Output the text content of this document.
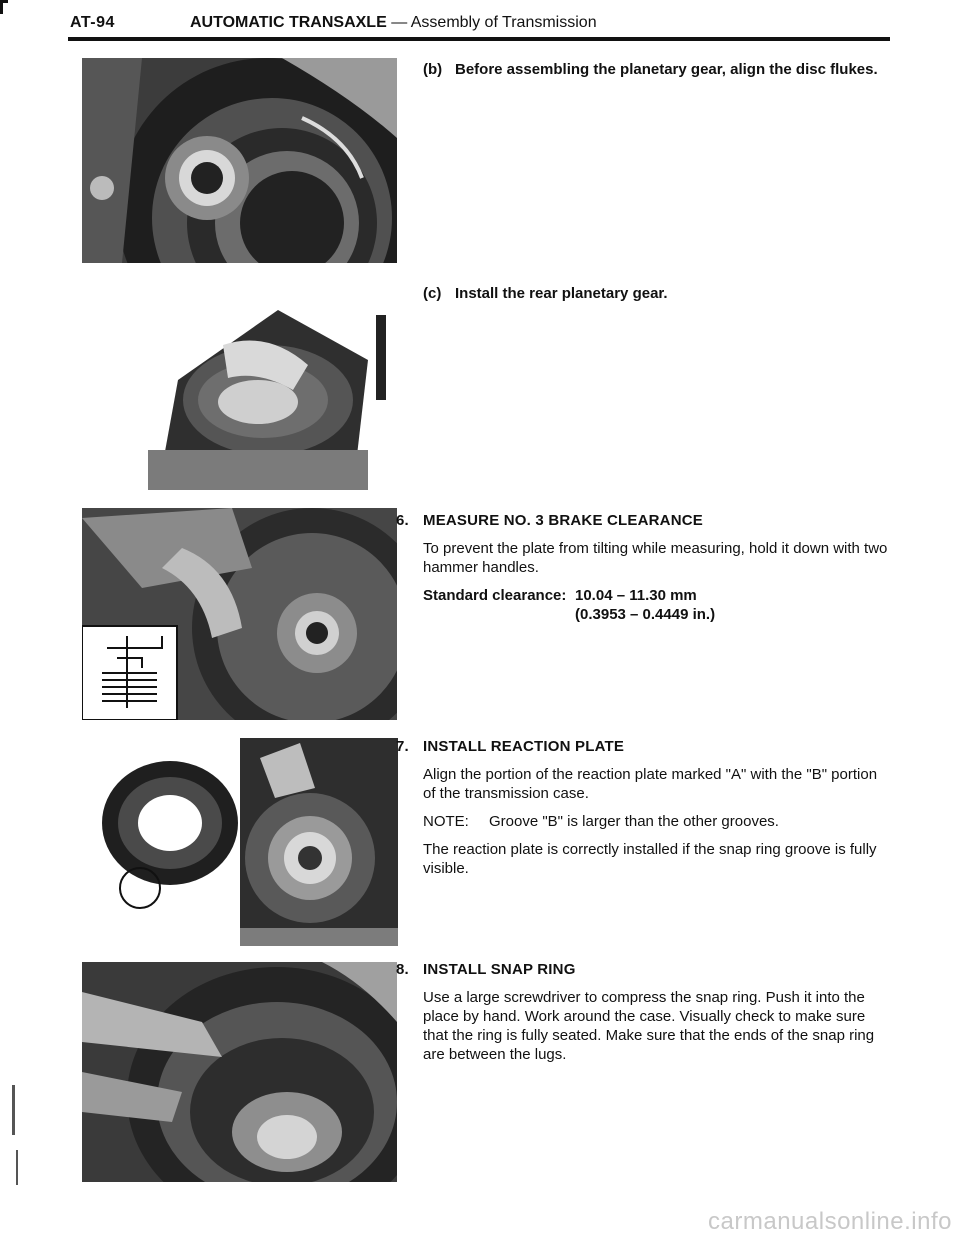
AT-94	AUTOMATIC TRANSAXLE — Assembly of Transmission
(b) Before assembling the planetary gear, align the disc flukes.
(c) Install the rear planetary gear.
6. MEASURE NO. 3 BRAKE CLEARANCE
To prevent the plate from tilting while measuring, hold it down with two hammer handles.
Standard clearance: 10.04 – 11.30 mm
(0.3953 – 0.4449 in.)
7. INSTALL REACTION PLATE
Align the portion of the reaction plate marked "A" with the "B" portion of the transmission case.
NOTE: Groove "B" is larger than the other grooves.
The reaction plate is correctly installed if the snap ring groove is fully visible.
8. INSTALL SNAP RING
Use a large screwdriver to compress the snap ring. Push it into the place by hand. Work around the case. Visually check to make sure that the ring is fully seated. Make sure that the ends of the snap ring are between the lugs.
carmanualsonline.info
